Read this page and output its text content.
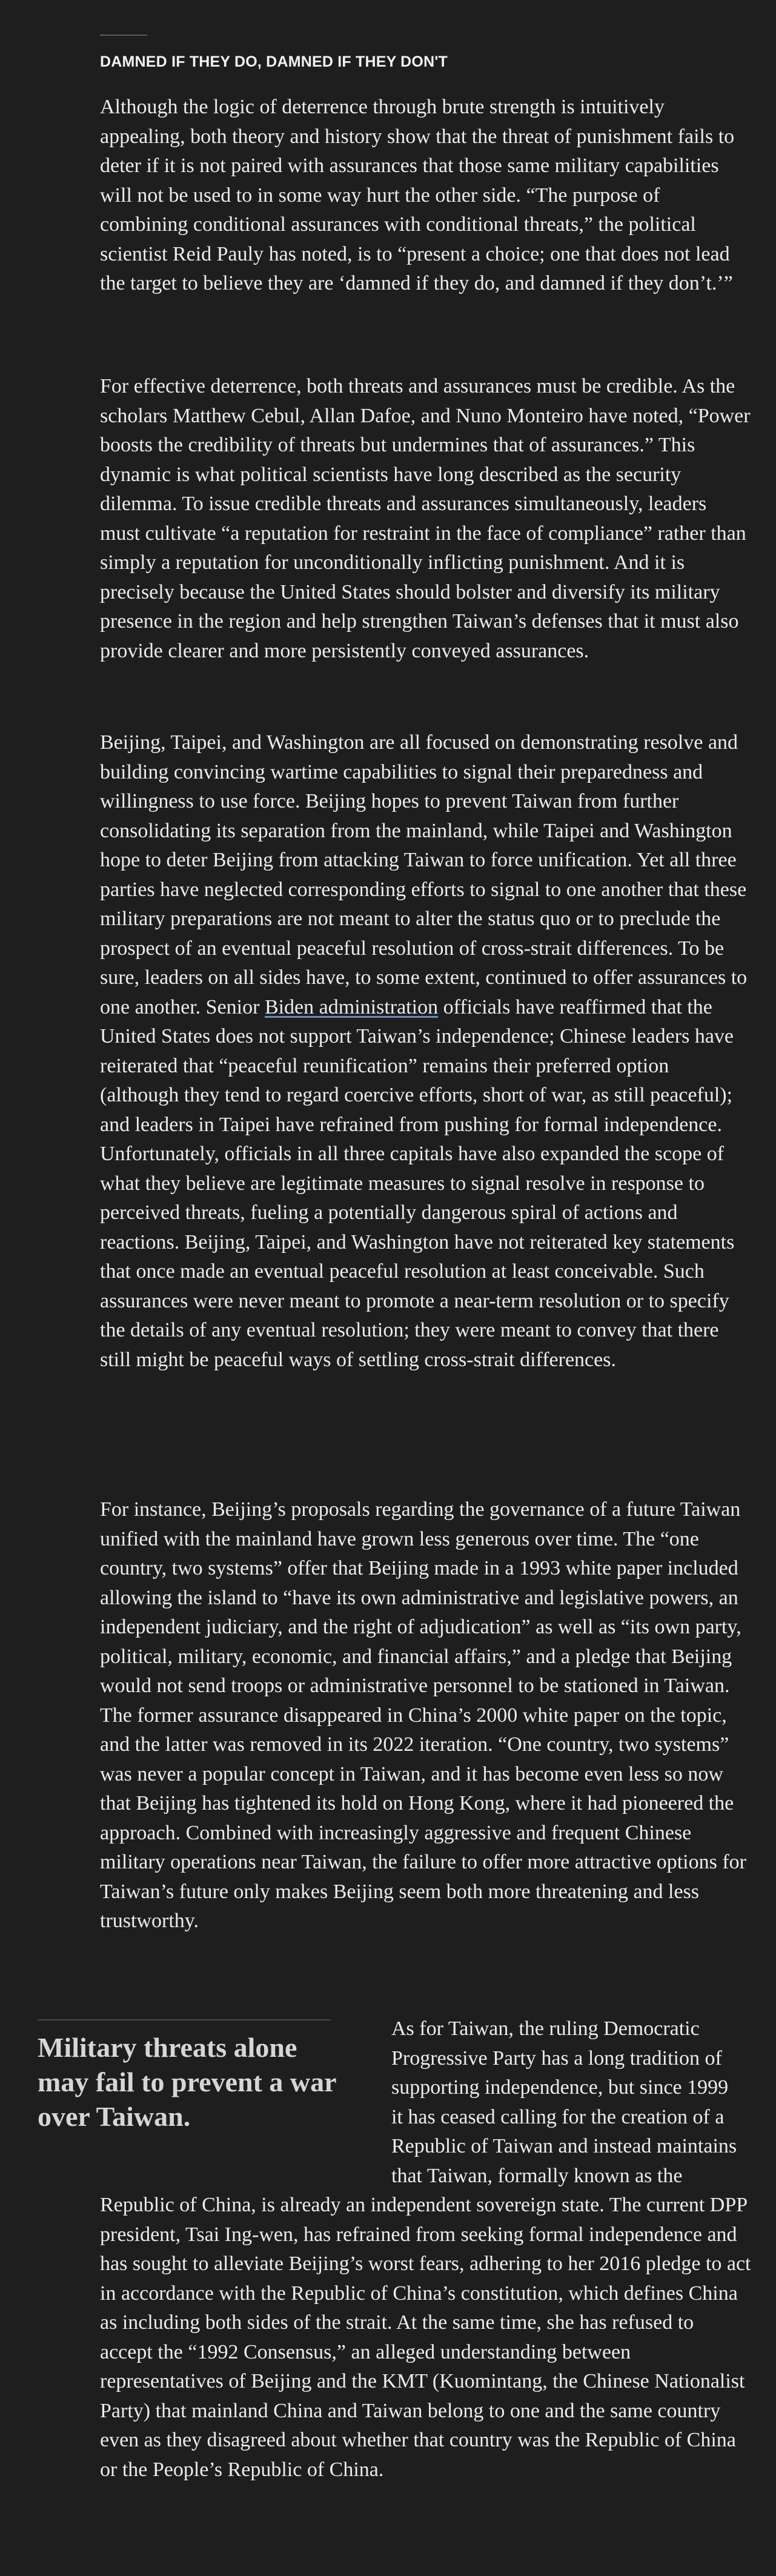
DAMNED IF THEY DO, DAMNED IF THEY DON'T

Although the logic of deterrence through brute strength is intuitively appealing, both theory and history show that the threat of punishment fails to deter if it is not paired with assurances that those same military capabilities will not be used to in some way hurt the other side. “The purpose of combining conditional assurances with conditional threats,” the political scientist Reid Pauly has noted, is to “present a choice; one that does not lead the target to believe they are ‘damned if they do, and damned if they don’t.’”

For effective deterrence, both threats and assurances must be credible. As the scholars Matthew Cebul, Allan Dafoe, and Nuno Monteiro have noted, “Power boosts the credibility of threats but undermines that of assurances.” This dynamic is what political scientists have long described as the security dilemma. To issue credible threats and assurances simultaneously, leaders must cultivate “a reputation for restraint in the face of compliance” rather than simply a reputation for unconditionally inflicting punishment. And it is precisely because the United States should bolster and diversify its military presence in the region and help strengthen Taiwan’s defenses that it must also provide clearer and more persistently conveyed assurances.

Beijing, Taipei, and Washington are all focused on demonstrating resolve and building convincing wartime capabilities to signal their preparedness and willingness to use force. Beijing hopes to prevent Taiwan from further consolidating its separation from the mainland, while Taipei and Washington hope to deter Beijing from attacking Taiwan to force unification. Yet all three parties have neglected corresponding efforts to signal to one another that these military preparations are not meant to alter the status quo or to preclude the prospect of an eventual peaceful resolution of cross-strait differences. To be sure, leaders on all sides have, to some extent, continued to offer assurances to one another. Senior Biden administration officials have reaffirmed that the United States does not support Taiwan’s independence; Chinese leaders have reiterated that “peaceful reunification” remains their preferred option (although they tend to regard coercive efforts, short of war, as still peaceful); and leaders in Taipei have refrained from pushing for formal independence. Unfortunately, officials in all three capitals have also expanded the scope of what they believe are legitimate measures to signal resolve in response to perceived threats, fueling a potentially dangerous spiral of actions and reactions. Beijing, Taipei, and Washington have not reiterated key statements that once made an eventual peaceful resolution at least conceivable. Such assurances were never meant to promote a near-term resolution or to specify the details of any eventual resolution; they were meant to convey that there still might be peaceful ways of settling cross-strait differences.

For instance, Beijing’s proposals regarding the governance of a future Taiwan unified with the mainland have grown less generous over time. The “one country, two systems” offer that Beijing made in a 1993 white paper included allowing the island to “have its own administrative and legislative powers, an independent judiciary, and the right of adjudication” as well as “its own party, political, military, economic, and financial affairs,” and a pledge that Beijing would not send troops or administrative personnel to be stationed in Taiwan. The former assurance disappeared in China’s 2000 white paper on the topic, and the latter was removed in its 2022 iteration. “One country, two systems” was never a popular concept in Taiwan, and it has become even less so now that Beijing has tightened its hold on Hong Kong, where it had pioneered the approach. Combined with increasingly aggressive and frequent Chinese military operations near Taiwan, the failure to offer more attractive options for Taiwan’s future only makes Beijing seem both more threatening and less trustworthy.

Military threats alone may fail to prevent a war over Taiwan.

As for Taiwan, the ruling Democratic
Progressive Party has a long tradition of
supporting independence, but since 1999
it has ceased calling for the creation of a
Republic of Taiwan and instead maintains
that Taiwan, formally known as the

Republic of China, is already an independent sovereign state. The current DPP president, Tsai Ing-wen, has refrained from seeking formal independence and has sought to alleviate Beijing’s worst fears, adhering to her 2016 pledge to act in accordance with the Republic of China’s constitution, which defines China as including both sides of the strait. At the same time, she has refused to accept the “1992 Consensus,” an alleged understanding between representatives of Beijing and the KMT (Kuomintang, the Chinese Nationalist Party) that mainland China and Taiwan belong to one and the same country even as they disagreed about whether that country was the Republic of China or the People’s Republic of China.
